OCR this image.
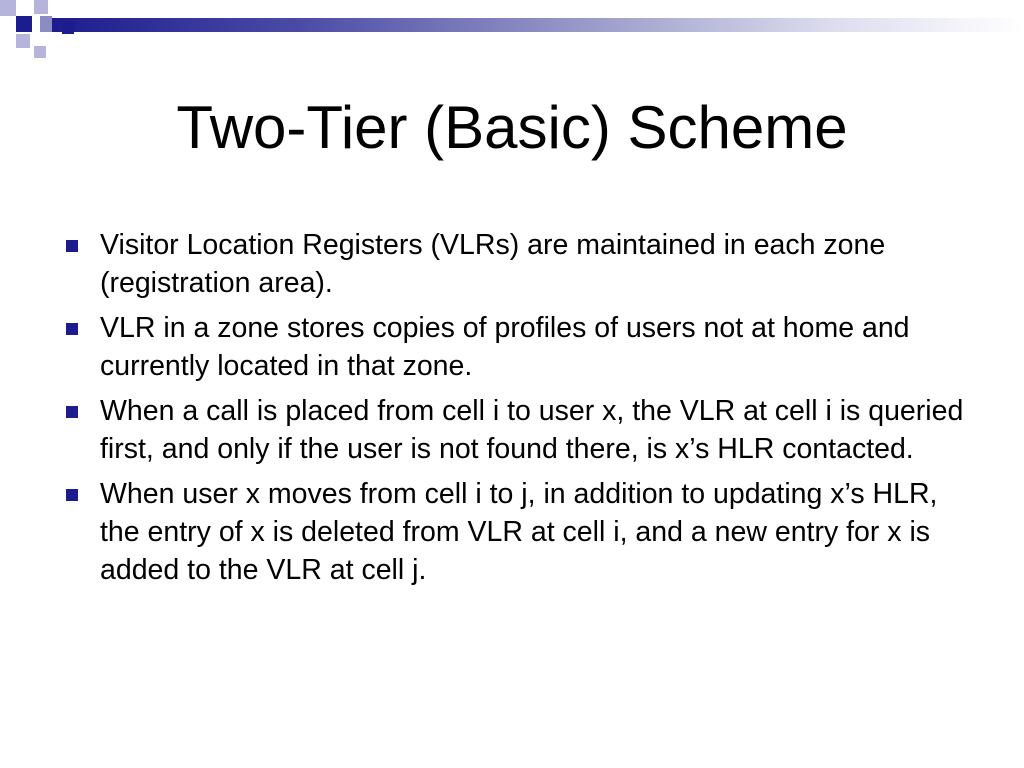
Two-Tier (Basic) Scheme
Visitor Location Registers (VLRs) are maintained in each zone (registration area).
VLR in a zone stores copies of profiles of users not at home and currently located in that zone.
When a call is placed from cell i to user x, the VLR at cell i is queried first, and only if the user is not found there, is x’s HLR contacted.
When user x moves from cell i to j, in addition to updating x’s HLR, the entry of x is deleted from VLR at cell i, and a new entry for x is added to the VLR at cell j.
